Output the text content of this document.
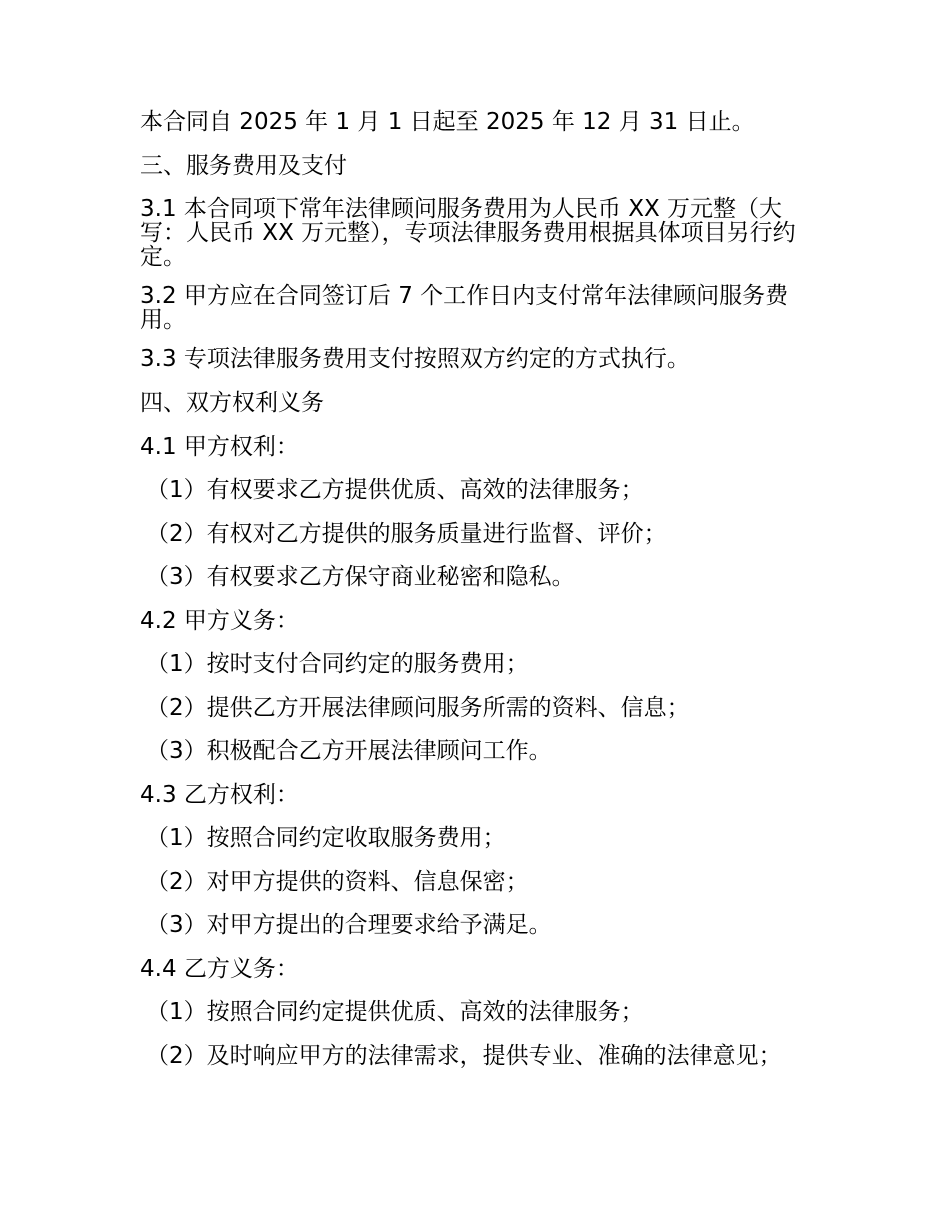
本合同自 2025 年 1 月 1 日起至 2025 年 12 月 31 日止。
三、服务费用及支付
3.1 本合同项下常年法律顾问服务费用为人民币 XX 万元整（大写：人民币 XX 万元整），专项法律服务费用根据具体项目另行约定。
3.2 甲方应在合同签订后 7 个工作日内支付常年法律顾问服务费用。
3.3 专项法律服务费用支付按照双方约定的方式执行。
四、双方权利义务
4.1 甲方权利：
（1）有权要求乙方提供优质、高效的法律服务；
（2）有权对乙方提供的服务质量进行监督、评价；
（3）有权要求乙方保守商业秘密和隐私。
4.2 甲方义务：
（1）按时支付合同约定的服务费用；
（2）提供乙方开展法律顾问服务所需的资料、信息；
（3）积极配合乙方开展法律顾问工作。
4.3 乙方权利：
（1）按照合同约定收取服务费用；
（2）对甲方提供的资料、信息保密；
（3）对甲方提出的合理要求给予满足。
4.4 乙方义务：
（1）按照合同约定提供优质、高效的法律服务；
（2）及时响应甲方的法律需求，提供专业、准确的法律意见；
